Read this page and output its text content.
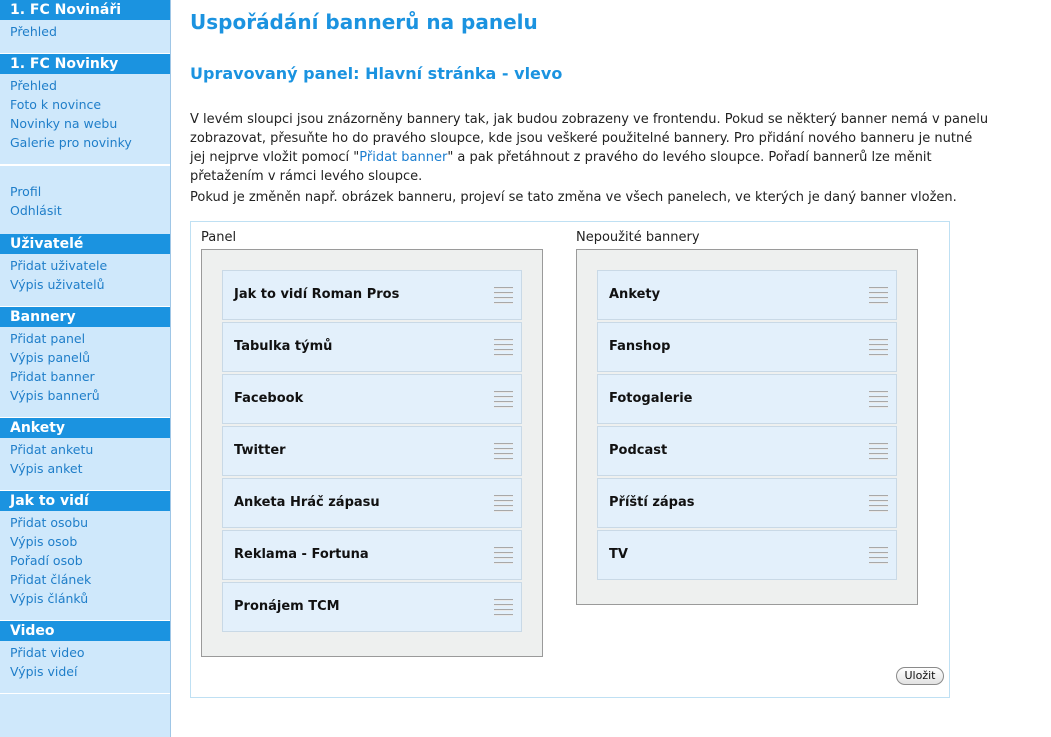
1. FC Novináři
Přehled
1. FC Novinky
Přehled
Foto k novince
Novinky na webu
Galerie pro novinky
Profil
Odhlásit
Uživatelé
Přidat uživatele
Výpis uživatelů
Bannery
Přidat panel
Výpis panelů
Přidat banner
Výpis bannerů
Ankety
Přidat anketu
Výpis anket
Jak to vidí
Přidat osobu
Výpis osob
Pořadí osob
Přidat článek
Výpis článků
Video
Přidat video
Výpis videí
Uspořádání bannerů na panelu
Upravovaný panel: Hlavní stránka - vlevo
V levém sloupci jsou znázorněny bannery tak, jak budou zobrazeny ve frontendu. Pokud se některý banner nemá v panelu zobrazovat, přesuňte ho do pravého sloupce, kde jsou veškeré použitelné bannery. Pro přidání nového banneru je nutné jej nejprve vložit pomocí "Přidat banner" a pak přetáhnout z pravého do levého sloupce. Pořadí bannerů lze měnit přetažením v rámci levého sloupce.
Pokud je změněn např. obrázek banneru, projeví se tato změna ve všech panelech, ve kterých je daný banner vložen.
Panel
Jak to vidí Roman Pros
Tabulka týmů
Facebook
Twitter
Anketa Hráč zápasu
Reklama - Fortuna
Pronájem TCM
Nepoužité bannery
Ankety
Fanshop
Fotogalerie
Podcast
Příští zápas
TV
Uložit
